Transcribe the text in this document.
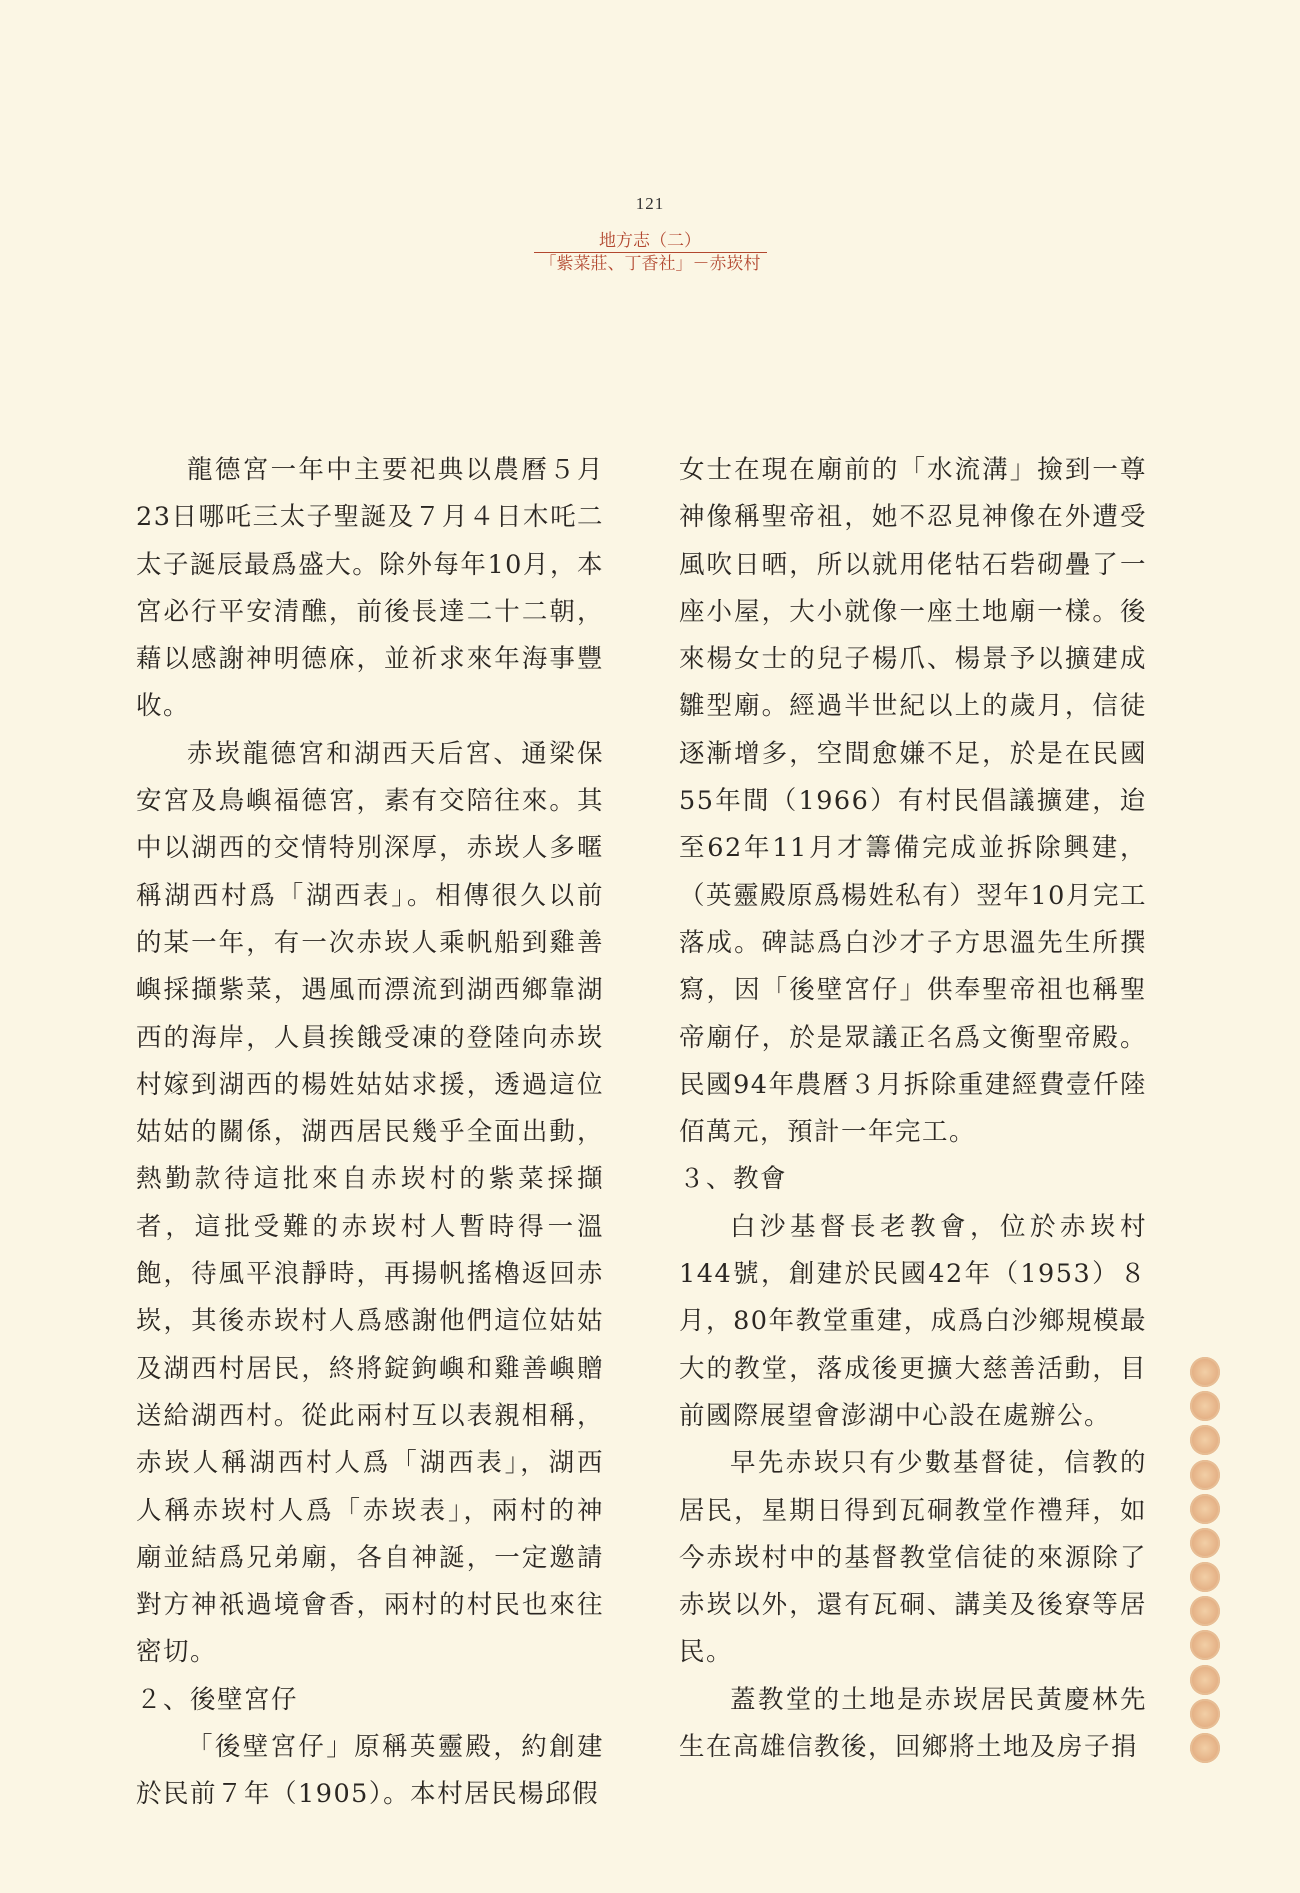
121
地方志（二）
「紫菜莊、丁香社」－赤崁村

龍德宮一年中主要祀典以農曆５月23日哪吒三太子聖誕及７月４日木吒二太子誕辰最爲盛大。除外每年10月，本宮必行平安清醮，前後長達二十二朝，藉以感謝神明德庥，並祈求來年海事豐收。

赤崁龍德宮和湖西天后宮、通梁保安宮及鳥嶼福德宮，素有交陪往來。其中以湖西的交情特別深厚，赤崁人多暱稱湖西村爲「湖西表」。相傳很久以前的某一年，有一次赤崁人乘帆船到雞善嶼採擷紫菜，遇風而漂流到湖西鄉靠湖西的海岸，人員挨餓受凍的登陸向赤崁村嫁到湖西的楊姓姑姑求援，透過這位姑姑的關係，湖西居民幾乎全面出動，熱勤款待這批來自赤崁村的紫菜採擷者，這批受難的赤崁村人暫時得一溫飽，待風平浪靜時，再揚帆搖櫓返回赤崁，其後赤崁村人爲感謝他們這位姑姑及湖西村居民，終將錠鉤嶼和雞善嶼贈送給湖西村。從此兩村互以表親相稱，赤崁人稱湖西村人爲「湖西表」，湖西人稱赤崁村人爲「赤崁表」，兩村的神廟並結爲兄弟廟，各自神誕，一定邀請對方神祇過境會香，兩村的村民也來往密切。

２、後壁宮仔

「後壁宮仔」原稱英靈殿，約創建於民前７年（1905）。本村居民楊邱假

女士在現在廟前的「水流溝」撿到一尊神像稱聖帝祖，她不忍見神像在外遭受風吹日晒，所以就用佬牯石砦砌疊了一座小屋，大小就像一座土地廟一樣。後來楊女士的兒子楊爪、楊景予以擴建成雛型廟。經過半世紀以上的歲月，信徒逐漸增多，空間愈嫌不足，於是在民國55年間（1966）有村民倡議擴建，迨至62年11月才籌備完成並拆除興建，（英靈殿原爲楊姓私有）翌年10月完工落成。碑誌爲白沙才子方思溫先生所撰寫，因「後壁宮仔」供奉聖帝祖也稱聖帝廟仔，於是眾議正名爲文衡聖帝殿。民國94年農曆３月拆除重建經費壹仟陸佰萬元，預計一年完工。

３、教會

白沙基督長老教會，位於赤崁村144號，創建於民國42年（1953）８月，80年教堂重建，成爲白沙鄉規模最大的教堂，落成後更擴大慈善活動，目前國際展望會澎湖中心設在處辦公。

早先赤崁只有少數基督徒，信教的居民，星期日得到瓦硐教堂作禮拜，如今赤崁村中的基督教堂信徒的來源除了赤崁以外，還有瓦硐、講美及後寮等居民。

蓋教堂的土地是赤崁居民黃慶林先生在高雄信教後，回鄉將土地及房子捐
